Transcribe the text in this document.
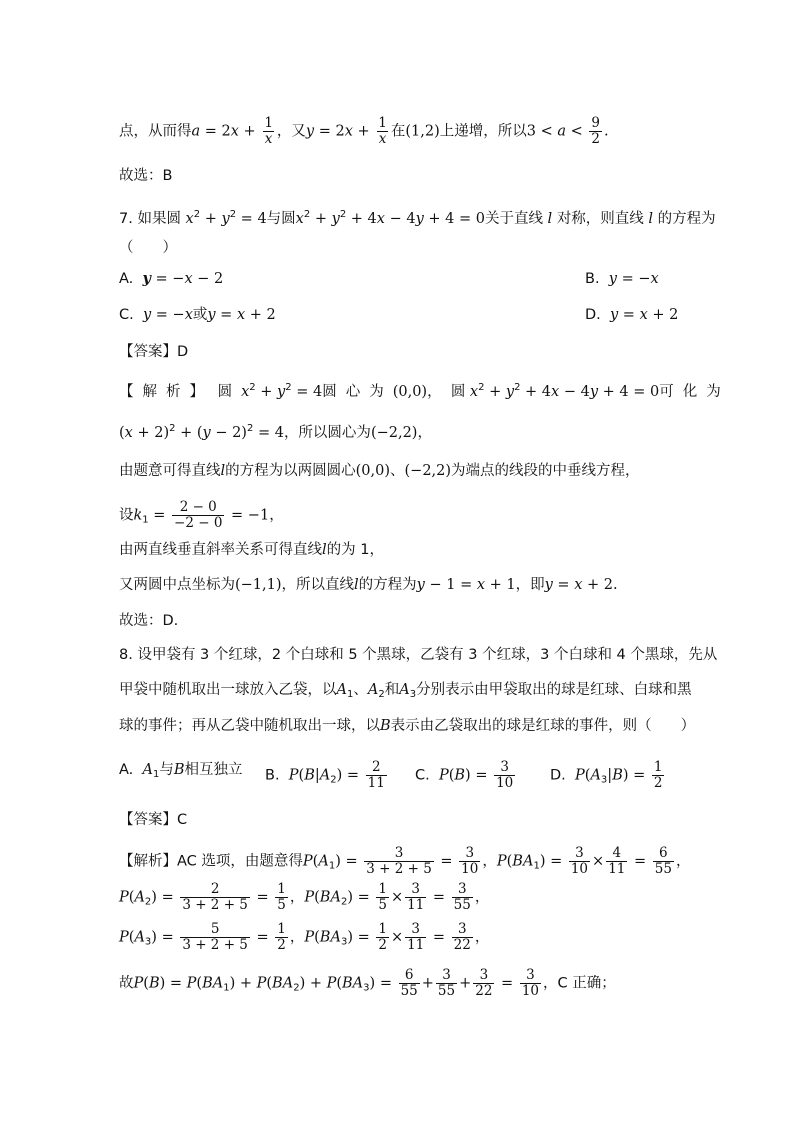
点，从而得$a = 2x + \frac{1}{x}$ ，又$y = 2x + \frac{1}{x}$ 在(1,2)上递增，所以$3 < a < \frac{9}{2}$ .
故选：B
7. 如果圆 $x^2 + y^2 = 4$与圆$x^2 + y^2 + 4x - 4y + 4 = 0$关于直线 l 对称，则直线 l 的方程为
（　　）
A. y = −x − 2	B. y = −x
C. y = −x或y = x + 2	D. y = x + 2
【答案】D
【解析】 圆$x^2 + y^2 = 4$圆心为(0,0)，  圆 $x^2 + y^2 + 4x - 4y + 4 = 0$可化为
$(x + 2)^2 + (y - 2)^2 = 4$，所以圆心为(−2,2)，
由题意可得直线l的方程为以两圆圆心(0,0)、(−2,2)为端点的线段的中垂线方程，
设$k_1 = \frac{2 - 0}{-2 - 0} = -1$，
由两直线垂直斜率关系可得直线l的为 1，
又两圆中点坐标为(−1,1)，所以直线l的方程为y − 1 = x + 1，即y = x + 2.
故选：D.
8. 设甲袋有 3 个红球，2 个白球和 5 个黑球，乙袋有 3 个红球，3 个白球和 4 个黑球，先从
甲袋中随机取出一球放入乙袋，以$A_1$、$A_2$和$A_3$分别表示由甲袋取出的球是红球、白球和黑
球的事件；再从乙袋中随机取出一球，以B表示由乙袋取出的球是红球的事件，则（　　）
A. $A_1$与B相互独立 B. $P(B|A_2) = \frac{2}{11} C$. $P(B) = \frac{3}{10} D$. $P(A_3|B) = \frac{1}{2}$
【答案】C
【解析】AC 选项，由题意得$P(A_1) = \frac{3}{3 + 2 + 5} = \frac{3}{10}$ ，$P(BA_1) = \frac{3}{10} \times \frac{4}{11} = \frac{6}{55}$ ，
$P(A_2) = \frac{2}{3 + 2 + 5} = \frac{1}{5}$ ，$P(BA_2) = \frac{1}{5} \times \frac{3}{11} = \frac{3}{55}$ ，
$P(A_3) = \frac{5}{3 + 2 + 5} = \frac{1}{2}$ ，$P(BA_3) = \frac{1}{2} \times \frac{3}{11} = \frac{3}{22}$ ，
故$P(B) = P(BA_1) + P(BA_2) + P(BA_3) = \frac{6}{55} + \frac{3}{55} + \frac{3}{22} = \frac{3}{10}$ ，C 正确；
